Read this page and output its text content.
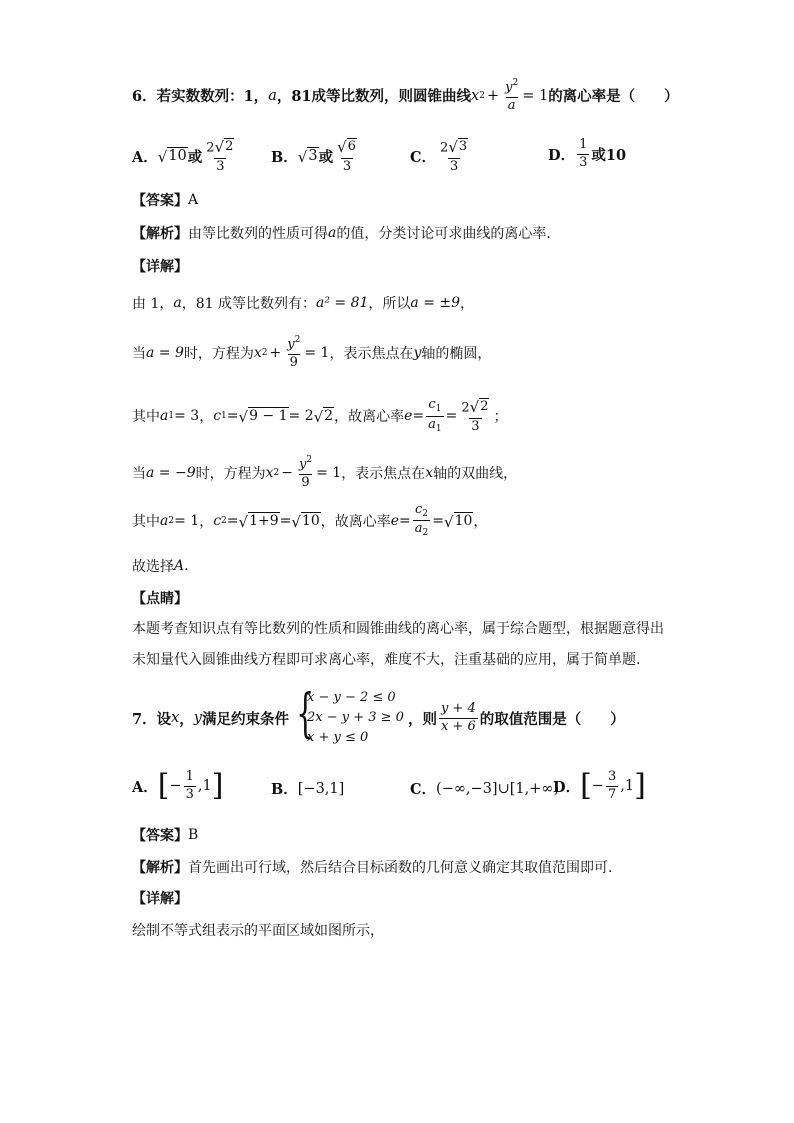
6．若实数数列：1， a ，81成等比数列，则圆锥曲线 x $2 + \frac{y^2}{a} = 1$ 的离心率是（　　）
A． √ 10 或 $\frac{2 √ 2}{3}$ B． √ 3 或 $\frac{√ 6}{3}$	C． $\frac{2 √ 3}{3}$	D． $\frac{1}{3}$ 或10
【答案】 A
【解析】 由等比数列的性质可得 a 的值，分类讨论可求曲线的离心率．
【详解】
由 1， a ，81 成等比数列有： a² = 81 ，所以 a = ±9 ，
当 a = 9 时，方程为 x $2 + \frac{y^2}{9} = 1$ ，表示焦点在 y 轴的椭圆，
其中 a 1 = 3 ， c 1 = √ 9 − 1 = 2 √ 2 ，故离心率 $e = \frac{c_1}{a_1} = \frac{2 √ 2}{3}$ ；
当 a = −9 时，方程为 x $2 - \frac{y^2}{9} = 1$ ，表示焦点在 x 轴的双曲线，
其中 a 2 = 1 ， c 2 = √ 1+9 = √ 10 ，故离心率 $e = \frac{c_2}{a_2}$ = √ 10 ，
故选择 A.
【点睛】
本题考查知识点有等比数列的性质和圆锥曲线的离心率，属于综合题型，根据题意得出未知量代入圆锥曲线方程即可求离心率，难度不大，注重基础的应用，属于简单题.
7．设 x ， y 满足约束条件 {
x − y − 2 ≤ 0
2x − y + 3 ≥ 0
x + y ≤ 0
，则 $\frac{y + 4}{x + 6}$ 的取值范围是（　　）
A． [ − $\frac{1}{3} ,1$ ]	B． [−3,1]	C． (−∞,−3]∪[1,+∞)
D． [ − $\frac{3}{7} ,1$ ]
【答案】 B
【解析】 首先画出可行域，然后结合目标函数的几何意义确定其取值范围即可.
【详解】
绘制不等式组表示的平面区域如图所示，
